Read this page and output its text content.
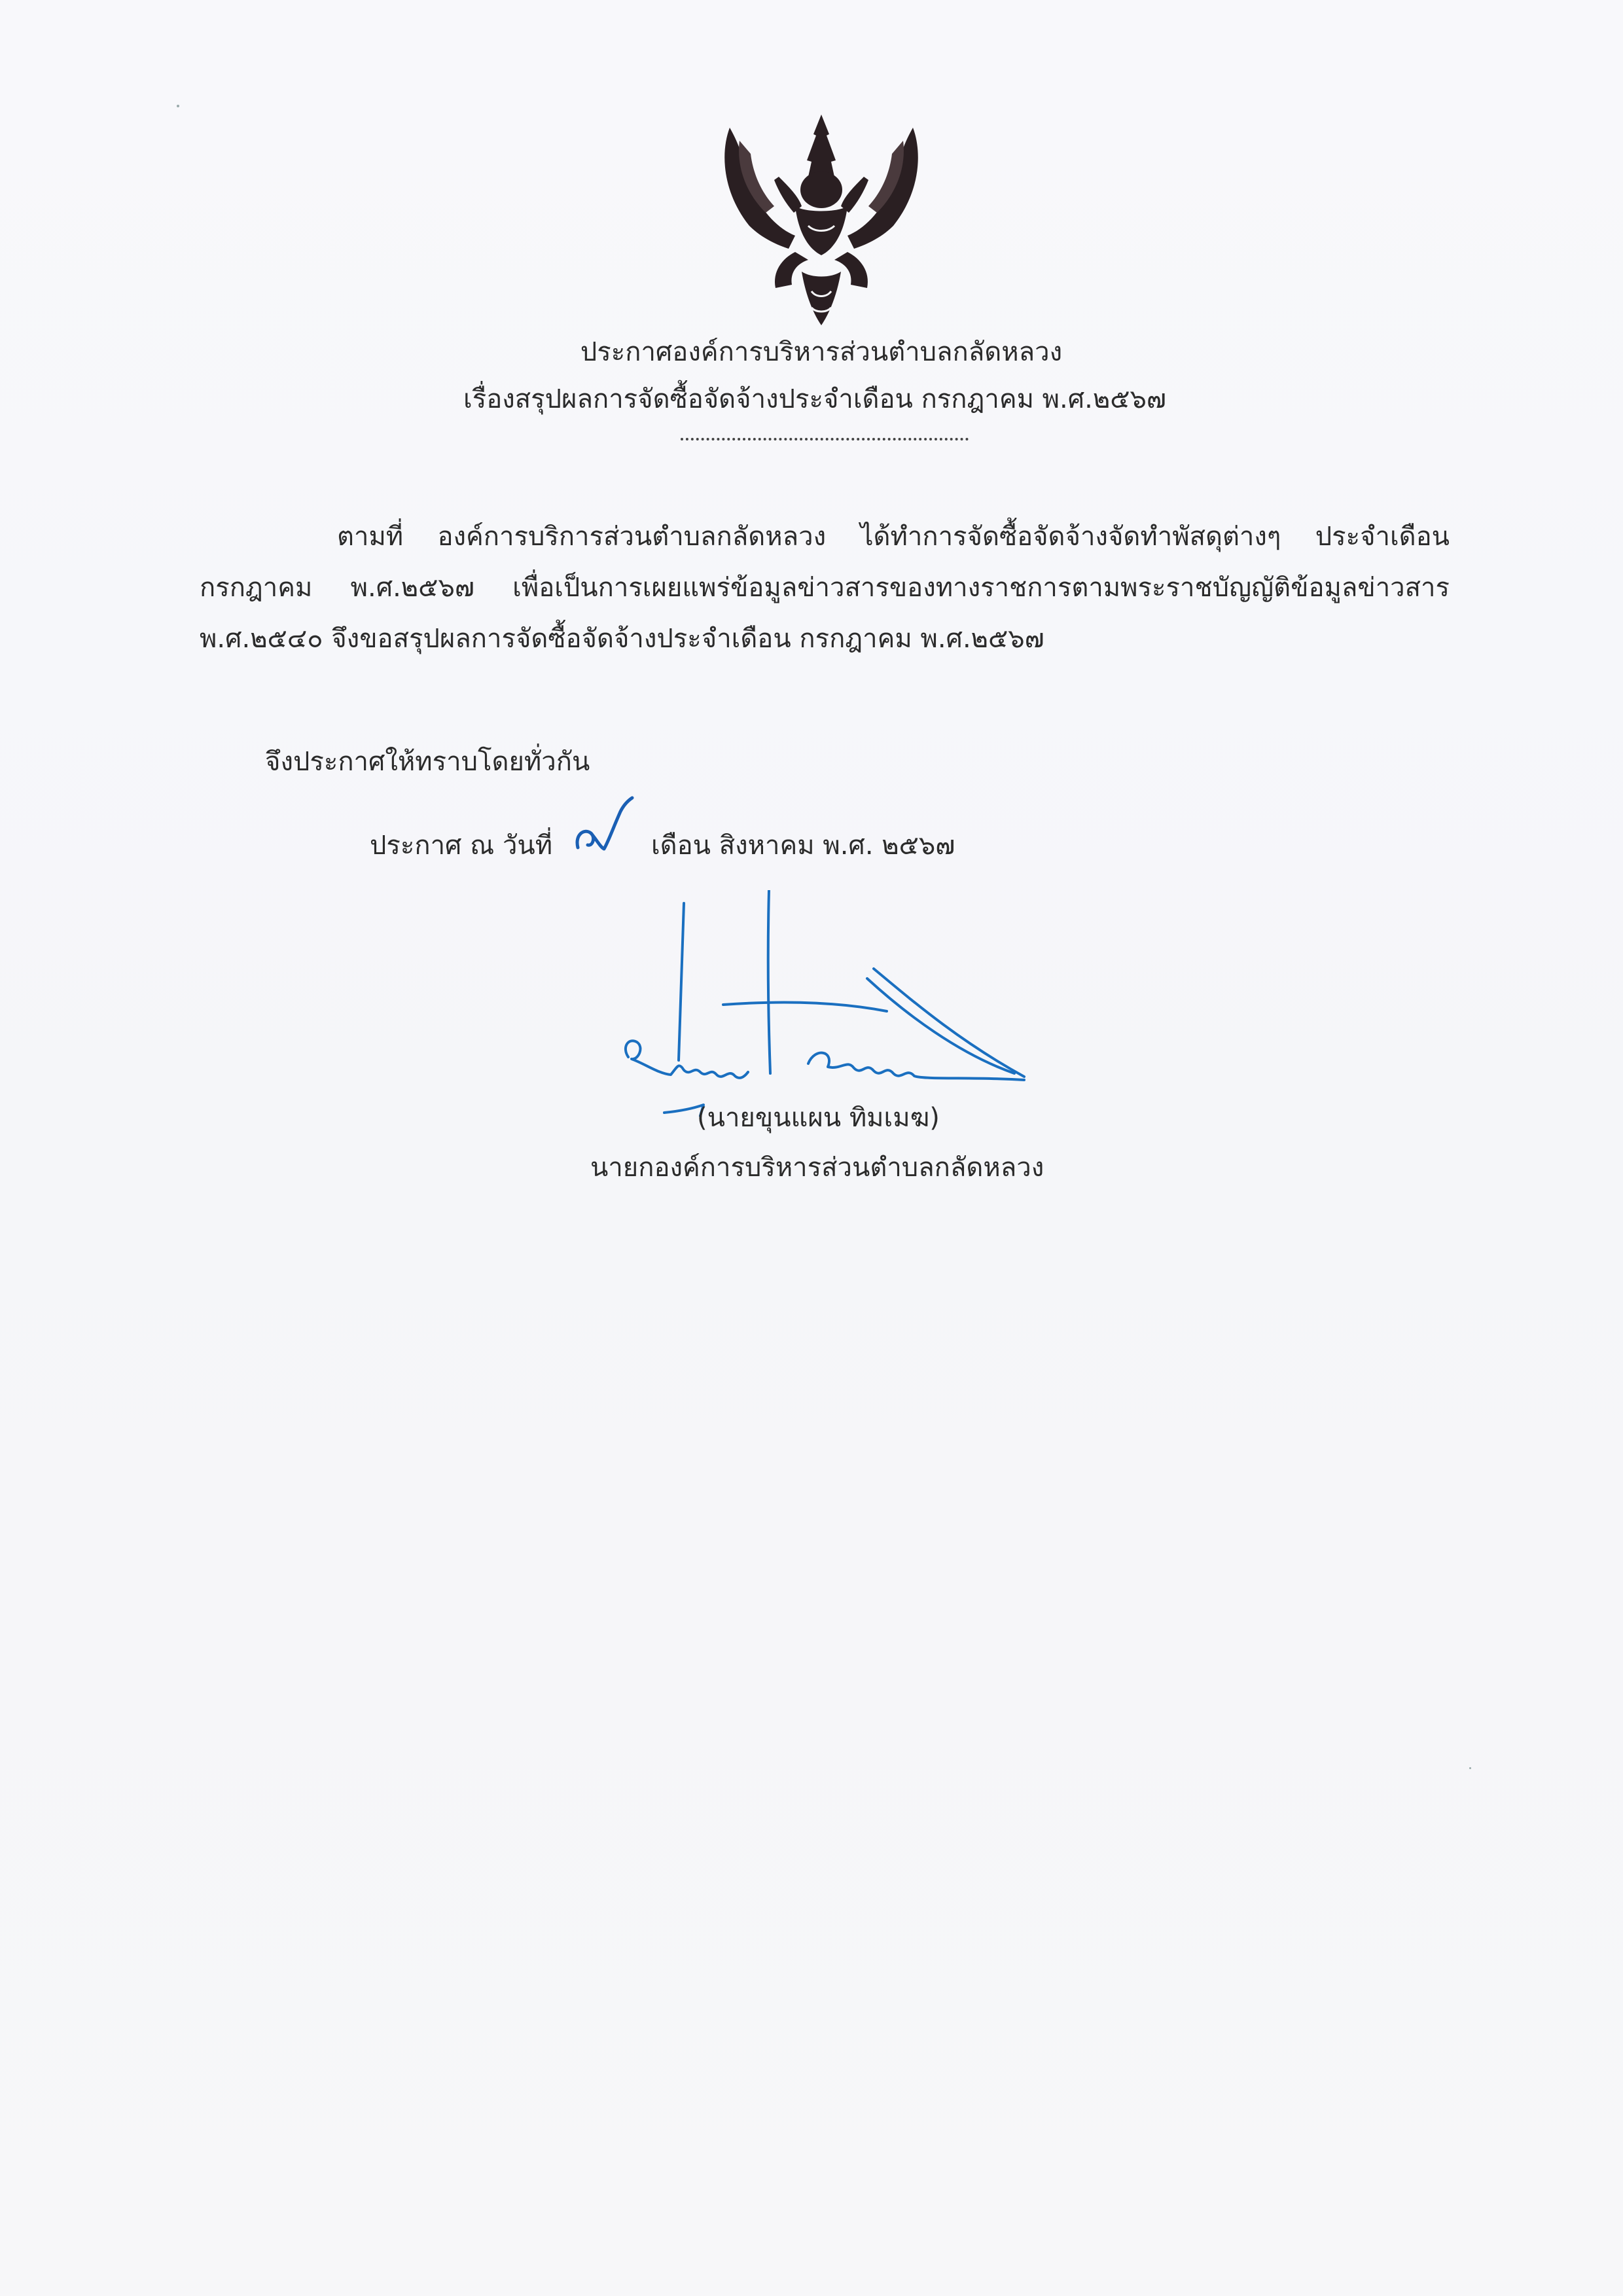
ประกาศองค์การบริหารส่วนตำบลกลัดหลวง
เรื่องสรุปผลการจัดซื้อจัดจ้างประจำเดือน กรกฎาคม พ.ศ.๒๕๖๗
ตามที่ องค์การบริการส่วนตำบลกลัดหลวง ได้ทำการจัดซื้อจัดจ้างจัดทำพัสดุต่างๆ ประจำเดือน
กรกฎาคม พ.ศ.๒๕๖๗ เพื่อเป็นการเผยแพร่ข้อมูลข่าวสารของทางราชการตามพระราชบัญญัติข้อมูลข่าวสาร
พ.ศ.๒๕๔๐ จึงขอสรุปผลการจัดซื้อจัดจ้างประจำเดือน กรกฎาคม พ.ศ.๒๕๖๗
จึงประกาศให้ทราบโดยทั่วกัน
ประกาศ ณ วันที่	เดือน สิงหาคม พ.ศ. ๒๕๖๗
(นายขุนแผน ทิมเมฆ)
นายกองค์การบริหารส่วนตำบลกลัดหลวง
